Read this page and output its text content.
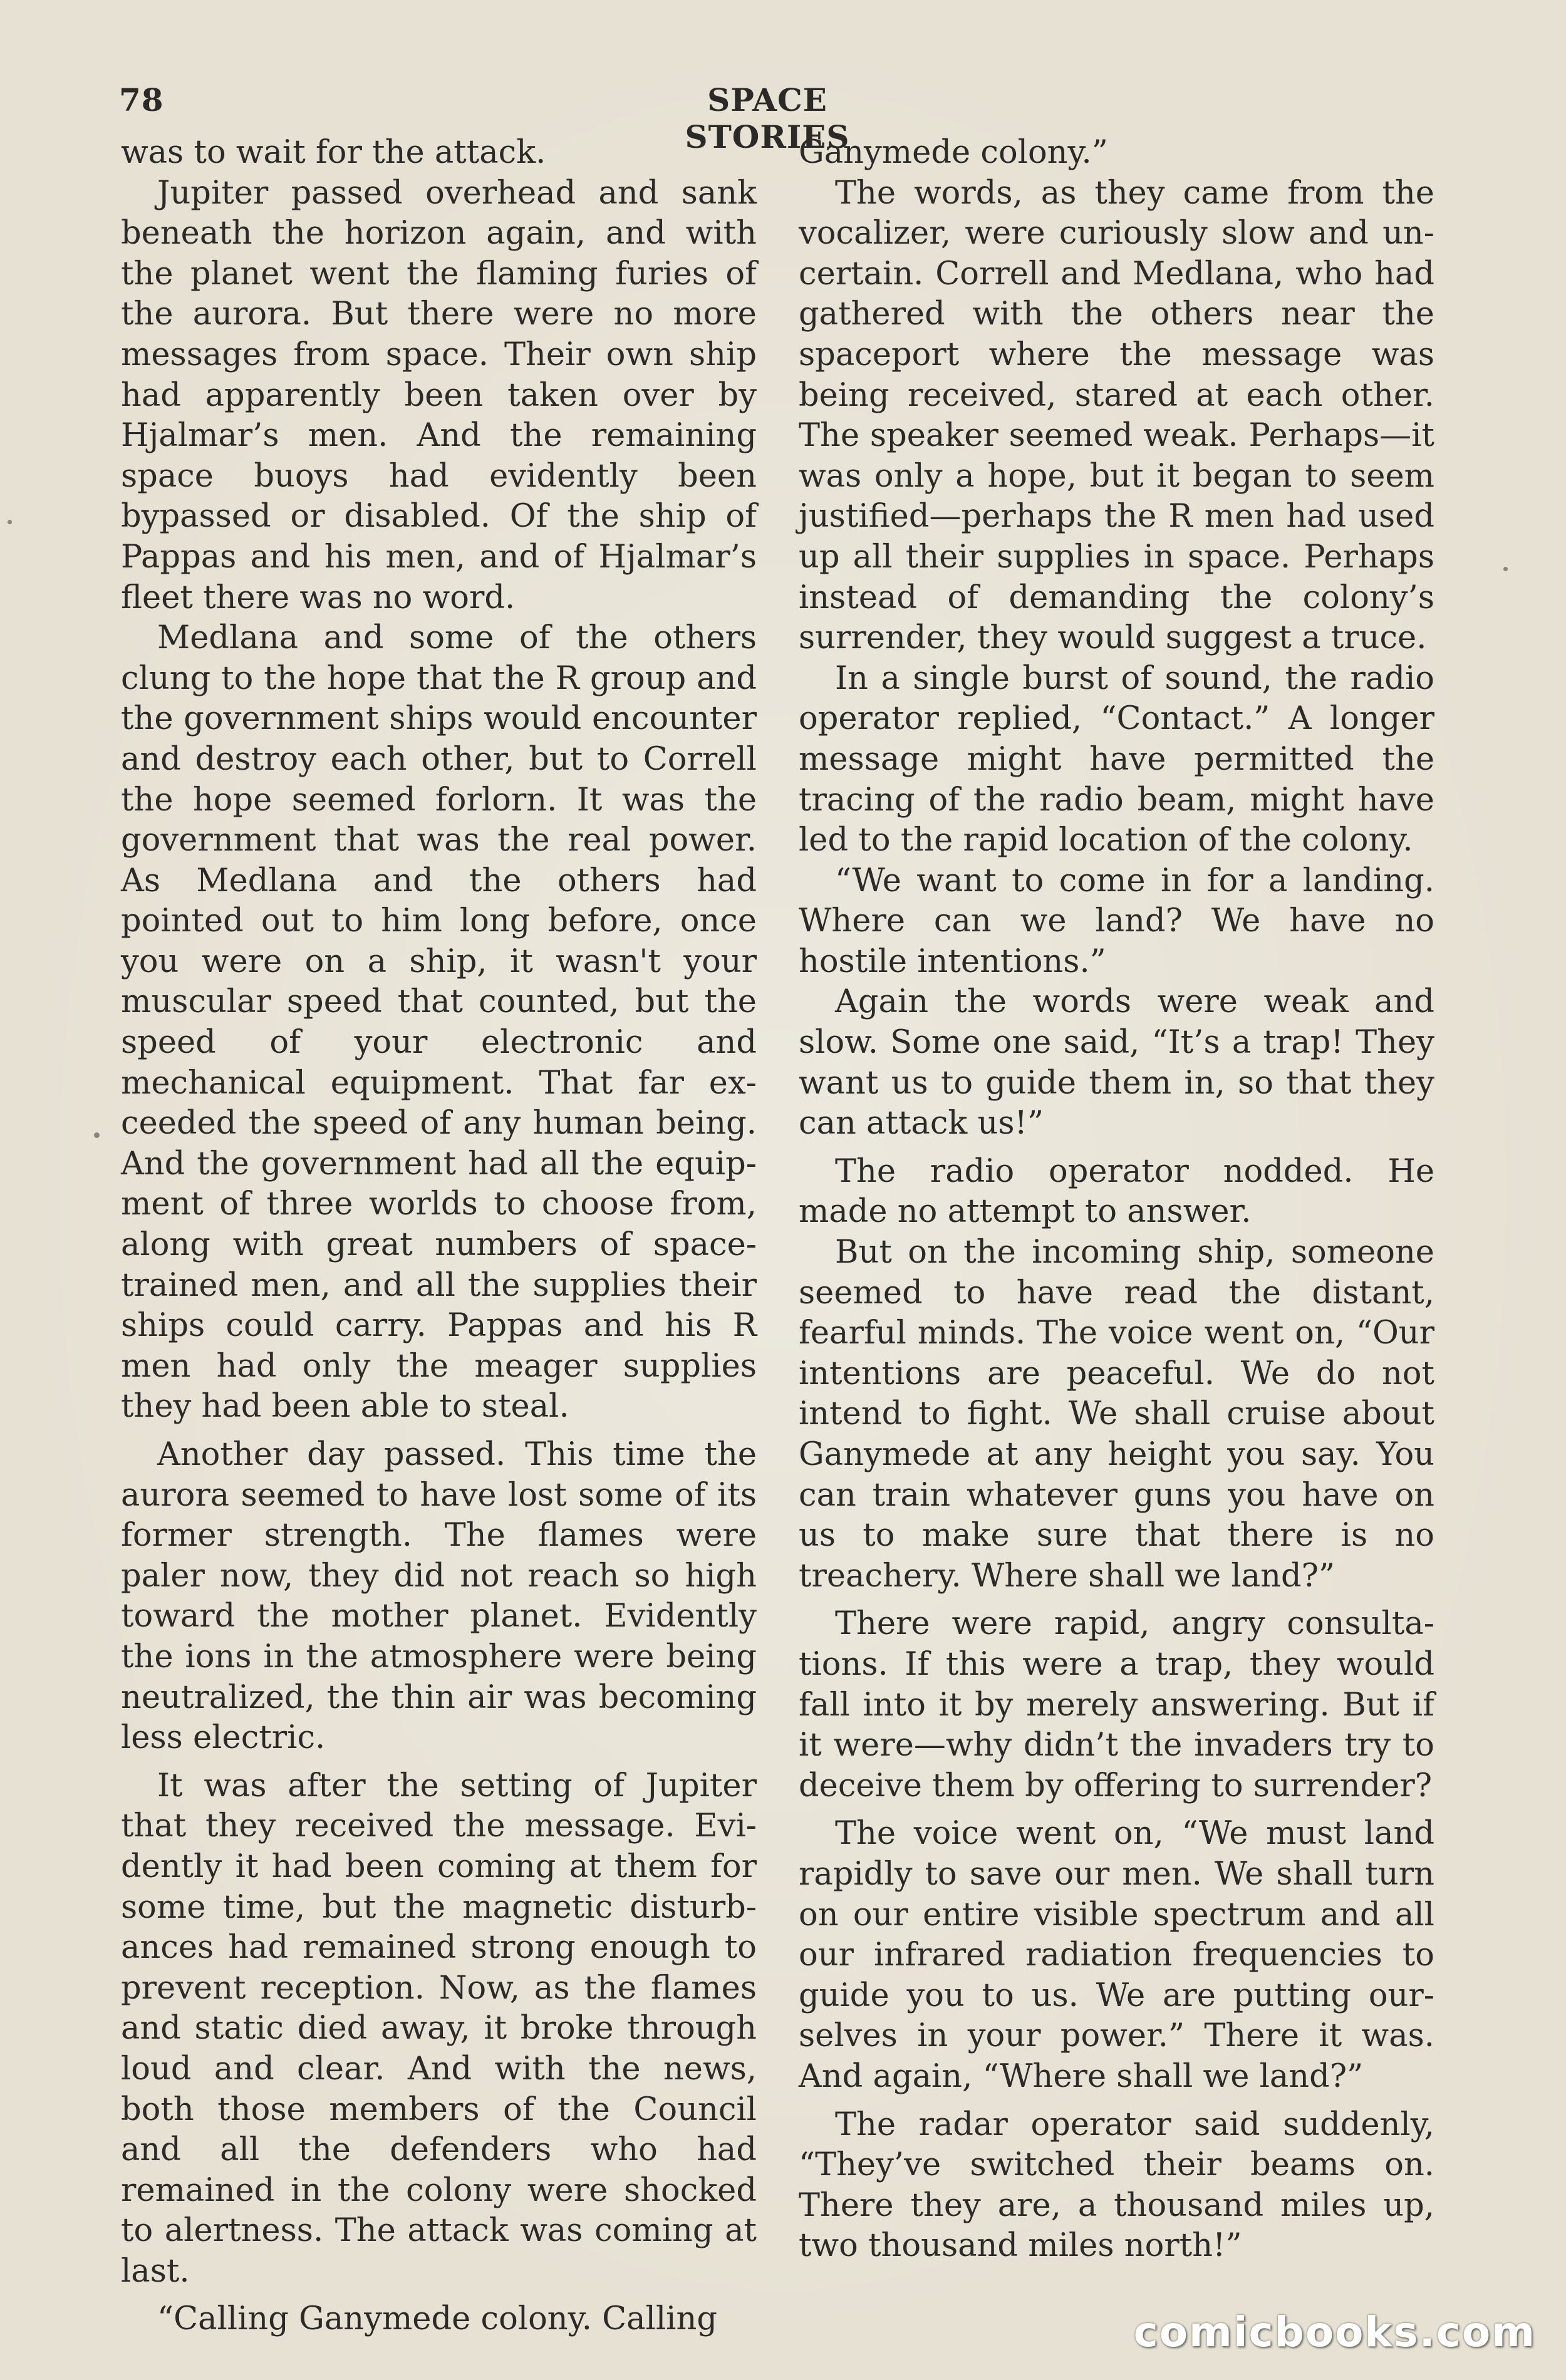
78	SPACE STORIES

was to wait for the attack.

Jupiter passed overhead and sank beneath the horizon again, and with the planet went the flaming furies of the aurora. But there were no more messages from space. Their own ship had apparently been taken over by Hjalmar’s men. And the remaining space buoys had evidently been bypassed or disabled. Of the ship of Pappas and his men, and of Hjalmar’s fleet there was no word.

Medlana and some of the others clung to the hope that the R group and the government ships would encounter and destroy each other, but to Correll the hope seemed forlorn. It was the government that was the real power. As Medlana and the others had pointed out to him long before, once you were on a ship, it wasn't your muscular speed that counted, but the speed of your electronic and mechanical equipment. That far exceeded the speed of any human being. And the government had all the equipment of three worlds to choose from, along with great numbers of space-trained men, and all the supplies their ships could carry. Pappas and his R men had only the meager supplies they had been able to steal.

Another day passed. This time the aurora seemed to have lost some of its former strength. The flames were paler now, they did not reach so high toward the mother planet. Evidently the ions in the atmosphere were being neutralized, the thin air was becoming less electric.

It was after the setting of Jupiter that they received the message. Evidently it had been coming at them for some time, but the magnetic disturbances had remained strong enough to prevent reception. Now, as the flames and static died away, it broke through loud and clear. And with the news, both those members of the Council and all the defenders who had remained in the colony were shocked to alertness. The attack was coming at last.

“Calling Ganymede colony. Calling

Ganymede colony.”

The words, as they came from the vocalizer, were curiously slow and uncertain. Correll and Medlana, who had gathered with the others near the spaceport where the message was being received, stared at each other. The speaker seemed weak. Perhaps—it was only a hope, but it began to seem justified—perhaps the R men had used up all their supplies in space. Perhaps instead of demanding the colony’s surrender, they would suggest a truce.

In a single burst of sound, the radio operator replied, “Contact.” A longer message might have permitted the tracing of the radio beam, might have led to the rapid location of the colony.

“We want to come in for a landing. Where can we land? We have no hostile intentions.”

Again the words were weak and slow. Some one said, “It’s a trap! They want us to guide them in, so that they can attack us!”

The radio operator nodded. He made no attempt to answer.

But on the incoming ship, someone seemed to have read the distant, fearful minds. The voice went on, “Our intentions are peaceful. We do not intend to fight. We shall cruise about Ganymede at any height you say. You can train whatever guns you have on us to make sure that there is no treachery. Where shall we land?”

There were rapid, angry consultations. If this were a trap, they would fall into it by merely answering. But if it were—why didn’t the invaders try to deceive them by offering to surrender?

The voice went on, “We must land rapidly to save our men. We shall turn on our entire visible spectrum and all our infrared radiation frequencies to guide you to us. We are putting ourselves in your power.” There it was. And again, “Where shall we land?”

The radar operator said suddenly, “They’ve switched their beams on. There they are, a thousand miles up, two thousand miles north!”

comicbooks.com
